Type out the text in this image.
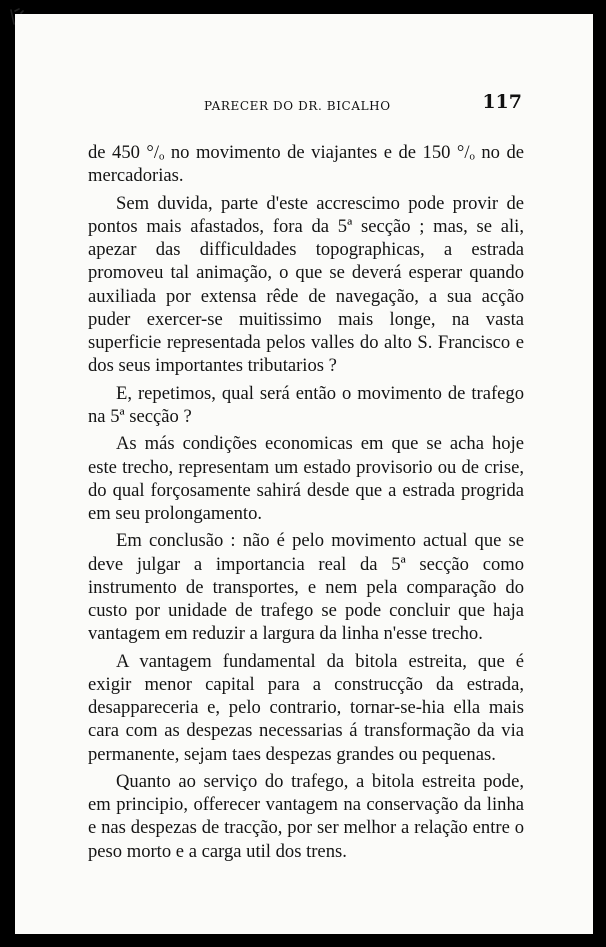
PARECER DO DR. BICALHO	117

de 450 °/ₒ no movimento de viajantes e de 150 °/ₒ no de mercadorias.

Sem duvida, parte d'este accrescimo pode provir de pontos mais afastados, fora da 5ª secção ; mas, se ali, apezar das difficuldades topographicas, a estrada promoveu tal animação, o que se deverá esperar quando auxiliada por extensa rêde de navegação, a sua acção puder exercer-se muitissimo mais longe, na vasta superficie representada pelos valles do alto S. Francisco e dos seus importantes tributarios ?

E, repetimos, qual será então o movimento de trafego na 5ª secção ?

As más condições economicas em que se acha hoje este trecho, representam um estado provisorio ou de crise, do qual forçosamente sahirá desde que a estrada progrida em seu prolongamento.

Em conclusão : não é pelo movimento actual que se deve julgar a importancia real da 5ª secção como instrumento de transportes, e nem pela comparação do custo por unidade de trafego se pode concluir que haja vantagem em reduzir a largura da linha n'esse trecho.

A vantagem fundamental da bitola estreita, que é exigir menor capital para a construcção da estrada, desappareceria e, pelo contrario, tornar-se-hia ella mais cara com as despezas necessarias á transformação da via permanente, sejam taes despezas grandes ou pequenas.

Quanto ao serviço do trafego, a bitola estreita pode, em principio, offerecer vantagem na conservação da linha e nas despezas de tracção, por ser melhor a relação entre o peso morto e a carga util dos trens.
